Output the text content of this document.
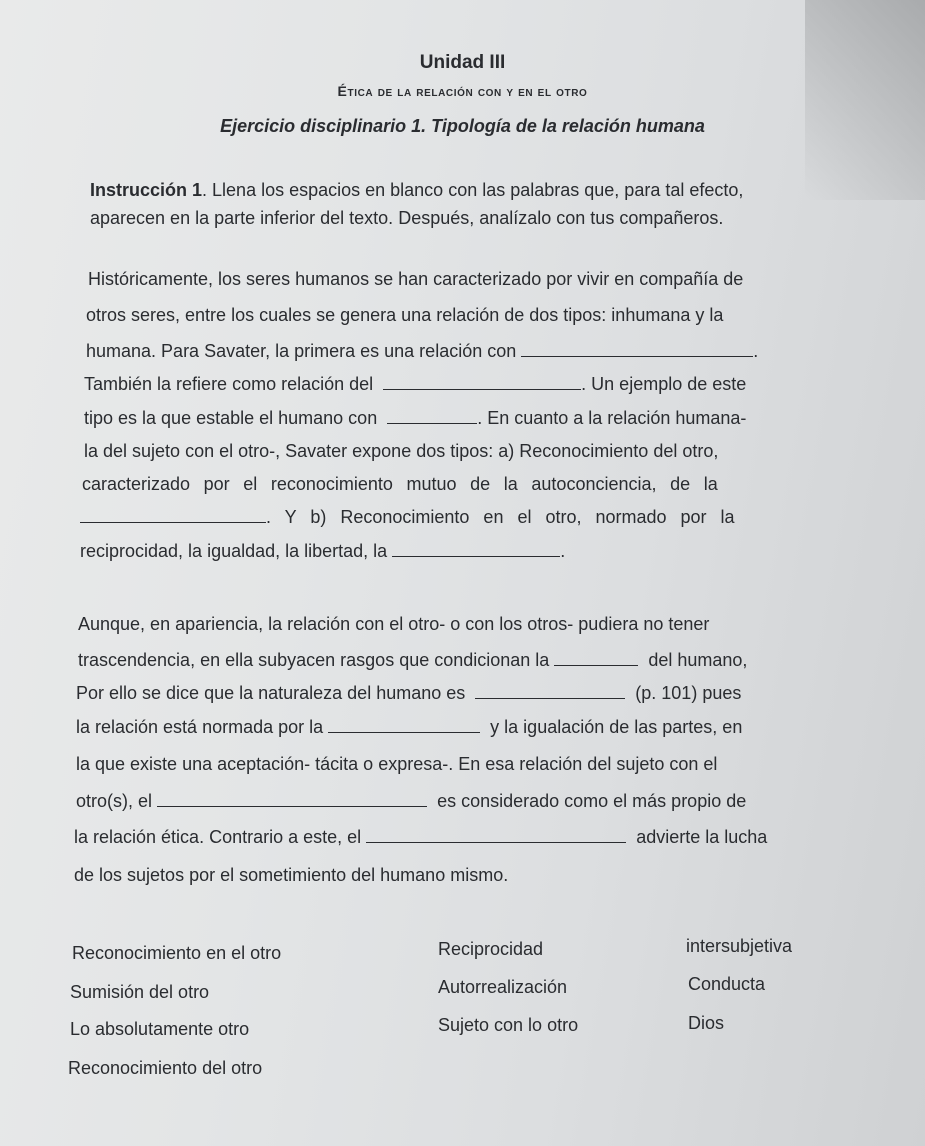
Unidad III
Ética de la relación con y en el otro
Ejercicio disciplinario 1. Tipología de la relación humana
Instrucción 1. Llena los espacios en blanco con las palabras que, para tal efecto,
aparecen en la parte inferior del texto. Después, analízalo con tus compañeros.
Históricamente, los seres humanos se han caracterizado por vivir en compañía de
otros seres, entre los cuales se genera una relación de dos tipos: inhumana y la
humana. Para Savater, la primera es una relación con	.
También la refiere como relación del	. Un ejemplo de este
tipo es la que estable el humano con	. En cuanto a la relación humana-
la del sujeto con el otro-, Savater expone dos tipos: a) Reconocimiento del otro,
caracterizado por el reconocimiento mutuo de la autoconciencia, de la
. Y b) Reconocimiento en el otro, normado por la
reciprocidad, la igualdad, la libertad, la	.
Aunque, en apariencia, la relación con el otro- o con los otros- pudiera no tener
trascendencia, en ella subyacen rasgos que condicionan la	del humano,
Por ello se dice que la naturaleza del humano es	(p. 101) pues
la relación está normada por la	y la igualación de las partes, en
la que existe una aceptación- tácita o expresa-. En esa relación del sujeto con el
otro(s), el	es considerado como el más propio de
la relación ética. Contrario a este, el	advierte la lucha
de los sujetos por el sometimiento del humano mismo.
Reconocimiento en el otro	Reciprocidad	intersubjetiva
Sumisión del otro	Autorrealización	Conducta
Lo absolutamente otro	Sujeto con lo otro	Dios
Reconocimiento del otro
